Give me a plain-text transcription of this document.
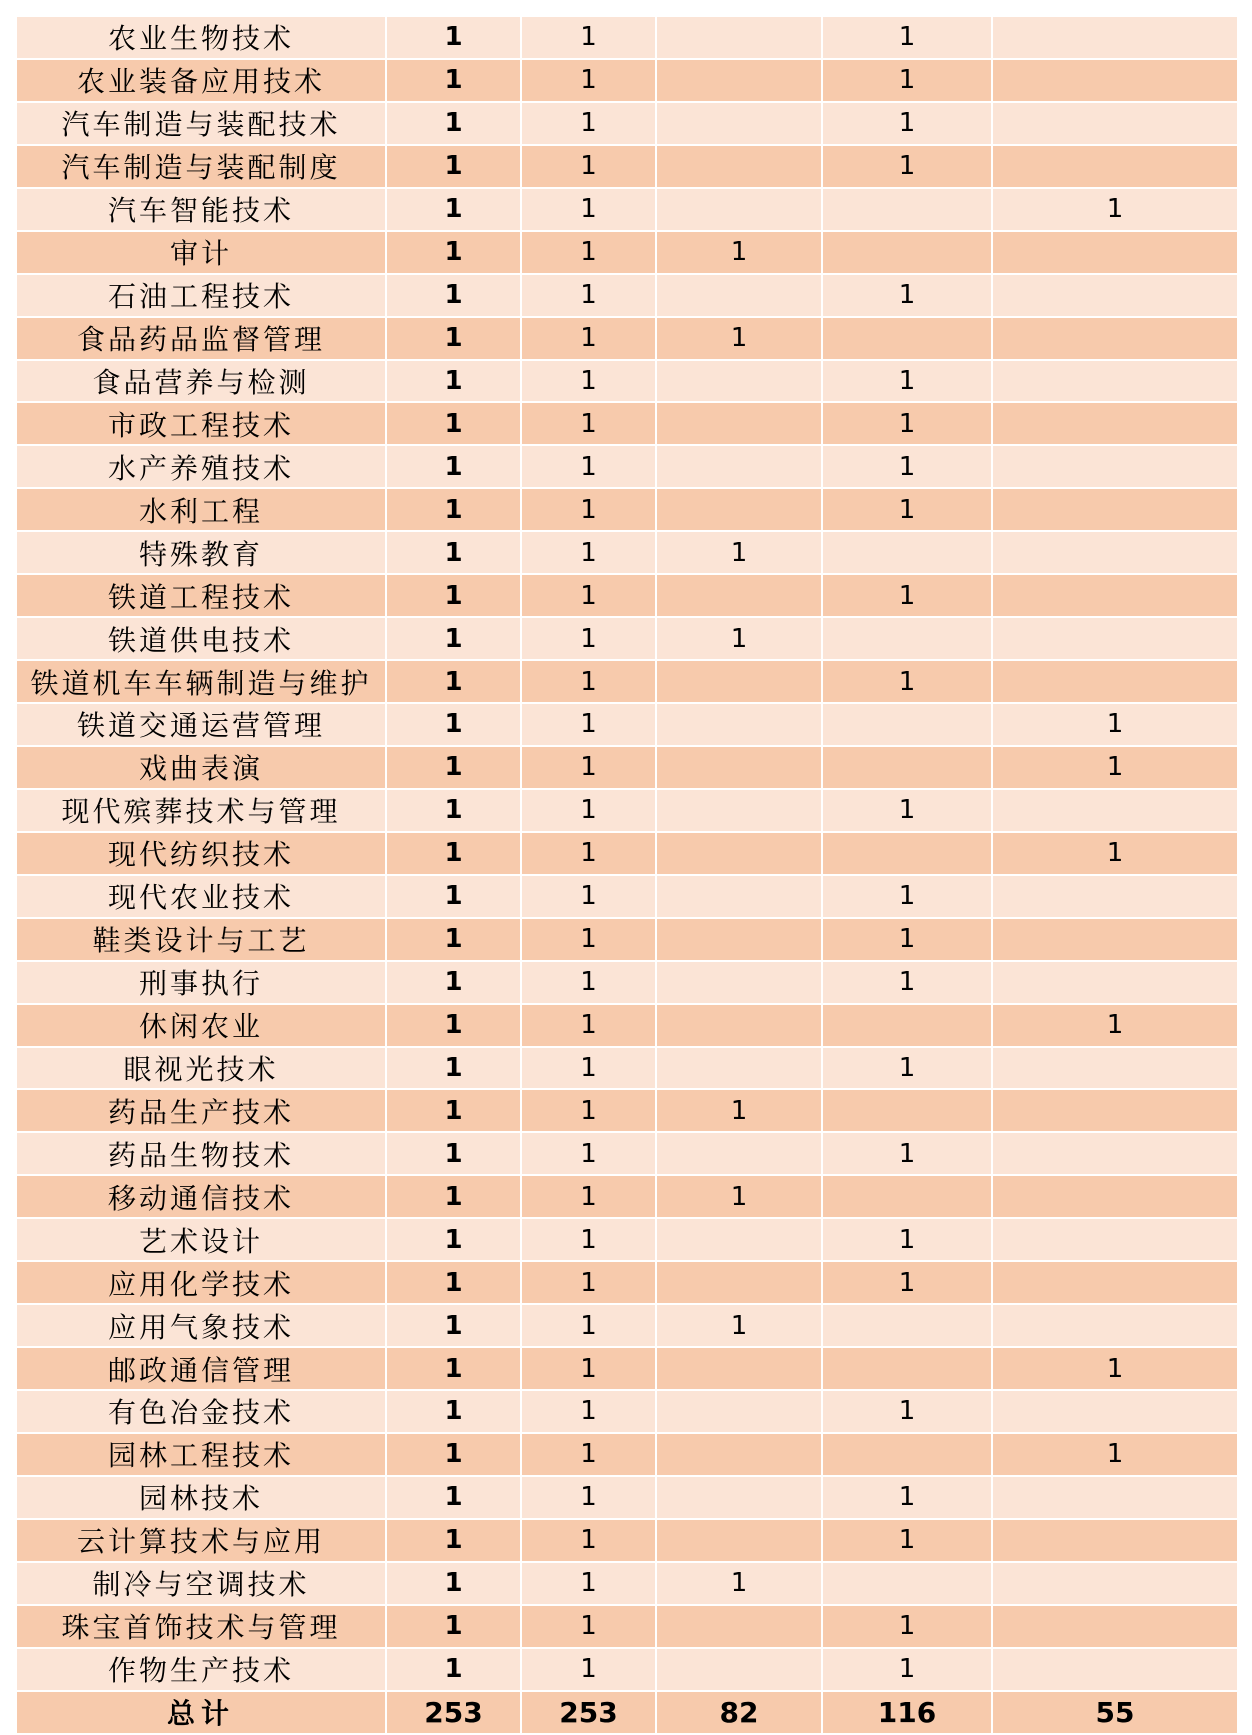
农业生物技术	1	1		1	
农业装备应用技术	1	1		1	
汽车制造与装配技术	1	1		1	
汽车制造与装配制度	1	1		1	
汽车智能技术	1	1			1
审计	1	1	1		
石油工程技术	1	1		1	
食品药品监督管理	1	1	1		
食品营养与检测	1	1		1	
市政工程技术	1	1		1	
水产养殖技术	1	1		1	
水利工程	1	1		1	
特殊教育	1	1	1		
铁道工程技术	1	1		1	
铁道供电技术	1	1	1		
铁道机车车辆制造与维护	1	1		1	
铁道交通运营管理	1	1			1
戏曲表演	1	1			1
现代殡葬技术与管理	1	1		1	
现代纺织技术	1	1			1
现代农业技术	1	1		1	
鞋类设计与工艺	1	1		1	
刑事执行	1	1		1	
休闲农业	1	1			1
眼视光技术	1	1		1	
药品生产技术	1	1	1		
药品生物技术	1	1		1	
移动通信技术	1	1	1		
艺术设计	1	1		1	
应用化学技术	1	1		1	
应用气象技术	1	1	1		
邮政通信管理	1	1			1
有色冶金技术	1	1		1	
园林工程技术	1	1			1
园林技术	1	1		1	
云计算技术与应用	1	1		1	
制冷与空调技术	1	1	1		
珠宝首饰技术与管理	1	1		1	
作物生产技术	1	1		1	
总计	253	253	82	116	55
